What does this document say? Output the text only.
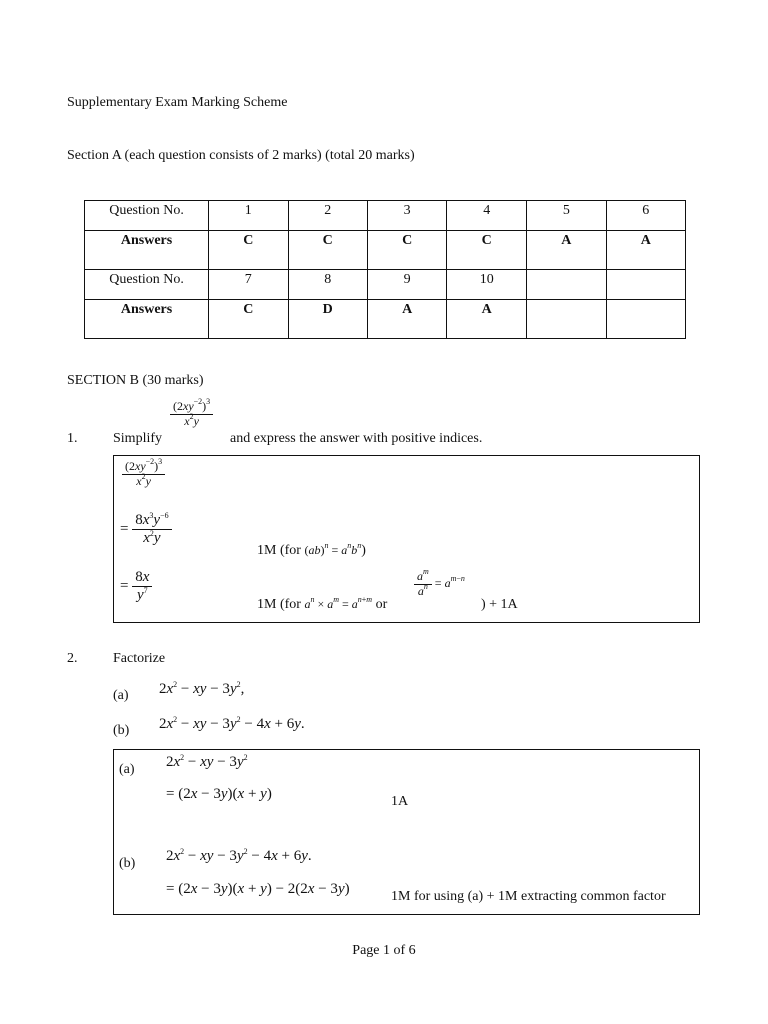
Supplementary Exam Marking Scheme
Section A (each question consists of 2 marks) (total 20 marks)
Question No.	1	2	3	4	5	6
Answers	C	C	C	C	A	A
Question No.	7	8	9	10		
Answers	C	D	A	A		
SECTION B (30 marks)
1.	Simplify
$\frac{(2xy^{-2})^3}{x^2y}$
and express the answer with positive indices.
$\frac{(2xy^{-2})^3}{x^2y}$
= $\frac{8x^3y^{-6}}{x^2y}$
1M (for $(ab)^n = a^nb^n$)
= $\frac{8x}{y^7}$	1M (for $a^n \times a^m = a^{n+m}$ or
$\frac{a^m}{a^n} = a^{m-n}$
) + 1A
2.	Factorize
(a) $2x^2$ − xy − $3y^2$,
(b) $2x^2$ − xy − $3y^2 - 4x + 6y$.
(a) $2x^2$ − xy − $3y^2$
= (2x − 3y)(x + y)	1A
(b) $2x^2$ − xy − $3y^2 - 4x + 6y$.
= (2x − 3y)(x + y) − 2(2x − 3y)	1M for using (a) + 1M extracting common factor
Page 1 of 6
